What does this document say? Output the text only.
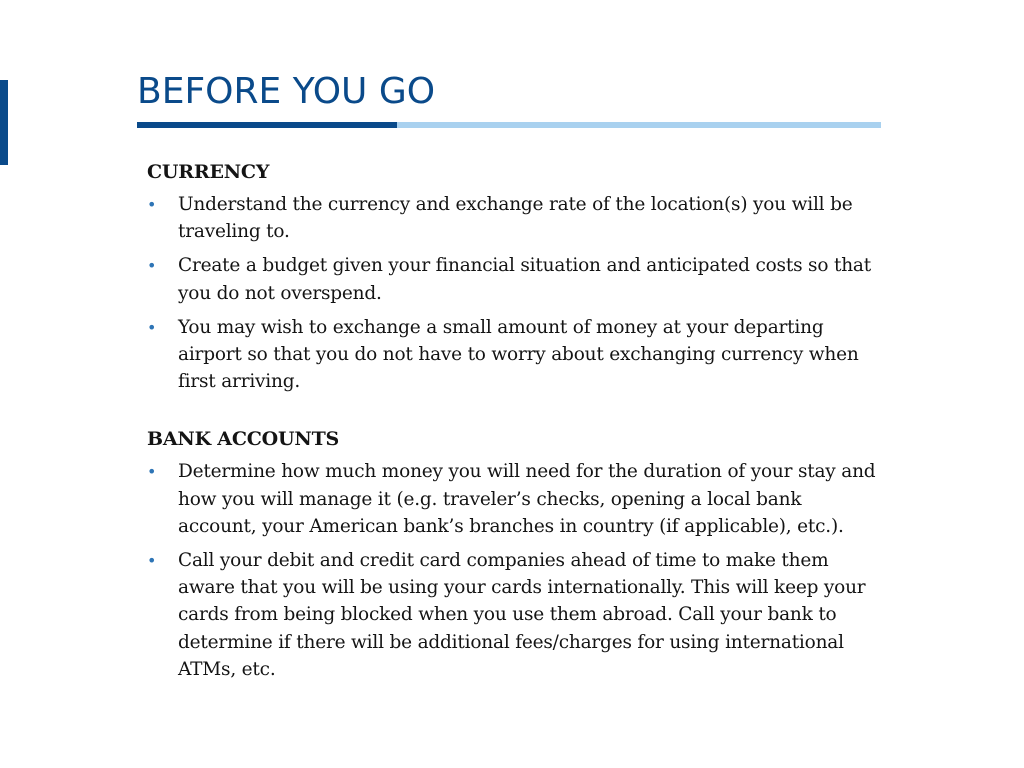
BEFORE YOU GO

CURRENCY

• Understand the currency and exchange rate of the location(s) you will be traveling to.
• Create a budget given your financial situation and anticipated costs so that you do not overspend.
• You may wish to exchange a small amount of money at your departing airport so that you do not have to worry about exchanging currency when first arriving.

BANK ACCOUNTS

• Determine how much money you will need for the duration of your stay and how you will manage it (e.g. traveler’s checks, opening a local bank account, your American bank’s branches in country (if applicable), etc.).
• Call your debit and credit card companies ahead of time to make them aware that you will be using your cards internationally. This will keep your cards from being blocked when you use them abroad. Call your bank to determine if there will be additional fees/charges for using international ATMs, etc.
